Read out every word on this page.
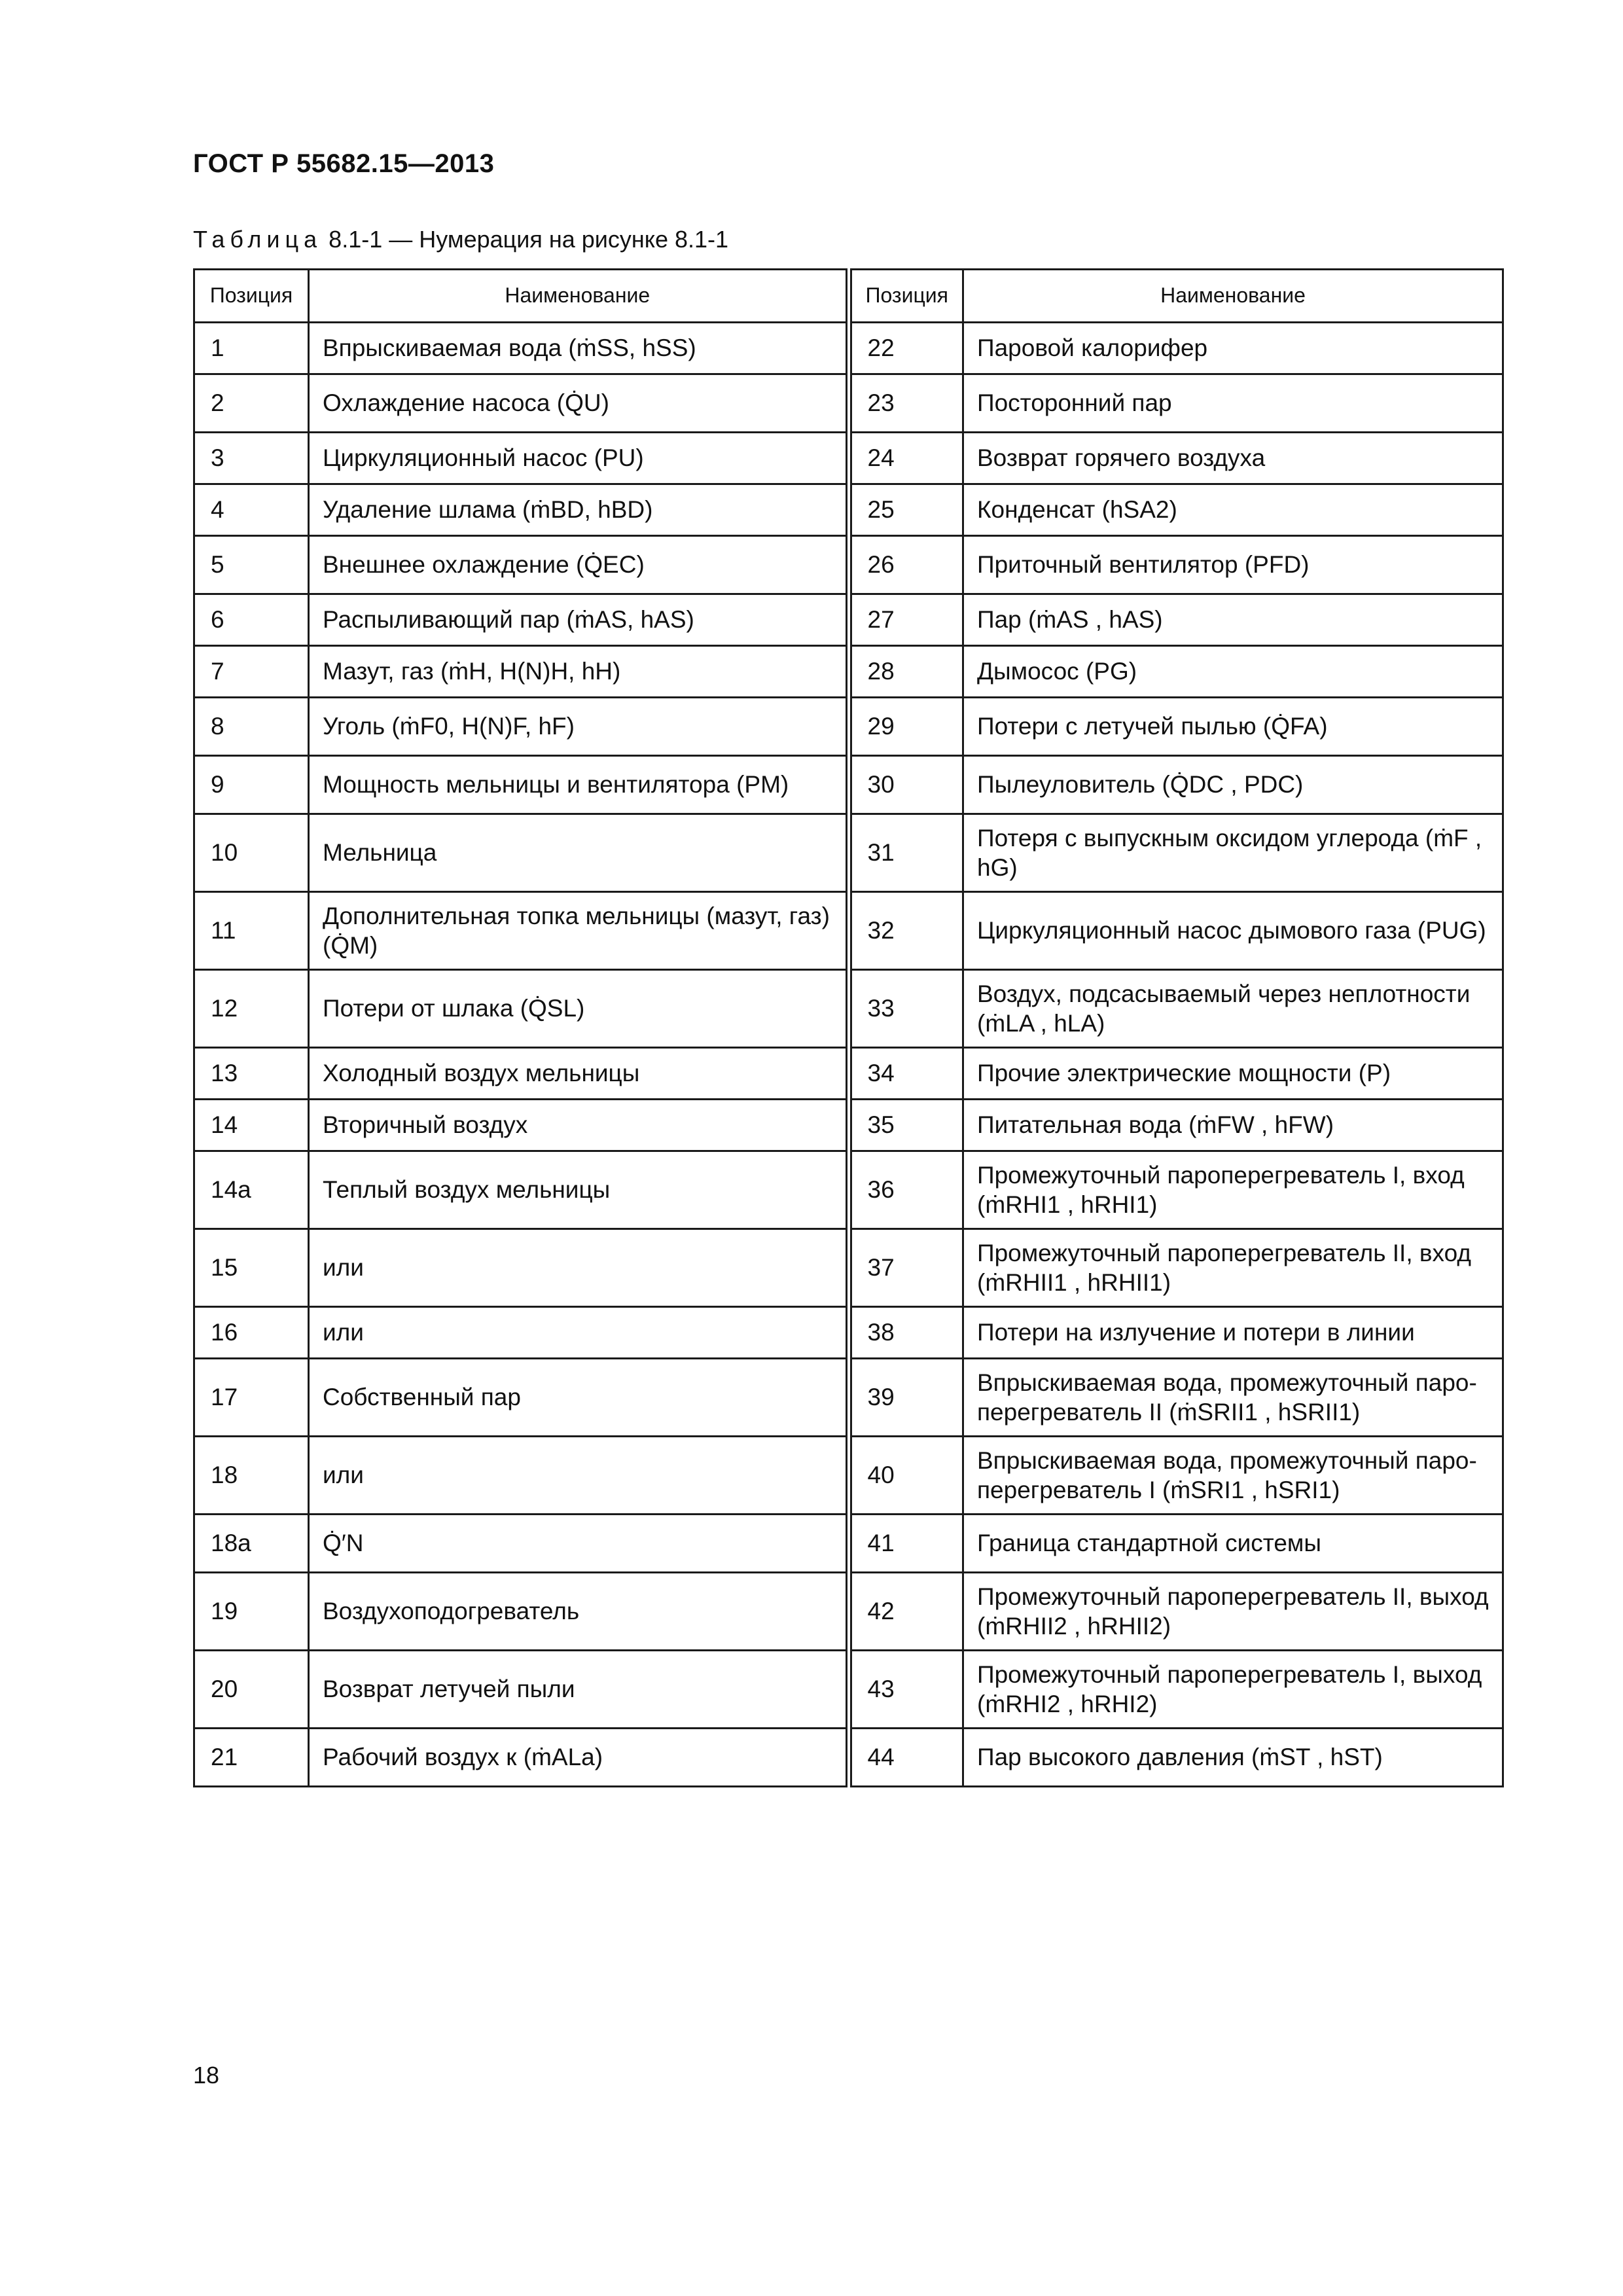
ГОСТ Р 55682.15—2013
Таблица 8.1-1 — Нумерация на рисунке 8.1-1
Позиция	Наименование	Позиция	Наименование
1	Впрыскиваемая вода (ṁSS, hSS)	22	Паровой калорифер
2	Охлаждение насоса (Q̇U)	23	Посторонний пар
3	Циркуляционный насос (PU)	24	Возврат горячего воздуха
4	Удаление шлама (ṁBD, hBD)	25	Конденсат (hSA2)
5	Внешнее охлаждение (Q̇EC)	26	Приточный вентилятор (PFD)
6	Распыливающий пар (ṁAS, hAS)	27	Пар (ṁAS , hAS)
7	Мазут, газ (ṁH, H(N)H, hH)	28	Дымосос (PG)
8	Уголь (ṁF0, H(N)F, hF)	29	Потери с летучей пылью (Q̇FA)
9	Мощность мельницы и вентилятора (PM)	30	Пылеуловитель (Q̇DC , PDC)
10	Мельница	31	Потеря с выпускным оксидом углерода (ṁF , hG)
11	Дополнительная топка мельницы (мазут, газ) (Q̇M)	32	Циркуляционный насос дымового газа (PUG)
12	Потери от шлака (Q̇SL)	33	Воздух, подсасываемый через неплотности (ṁLA , hLA)
13	Холодный воздух мельницы	34	Прочие электрические мощности (P)
14	Вторичный воздух	35	Питательная вода (ṁFW , hFW)
14а	Теплый воздух мельницы	36	Промежуточный пароперегреватель I, вход (ṁRHI1 , hRHI1)
15	или	37	Промежуточный пароперегреватель II, вход (ṁRHII1 , hRHII1)
16	или	38	Потери на излучение и потери в линии
17	Собственный пар	39	Впрыскиваемая вода, промежуточный паро- перегреватель II (ṁSRII1 , hSRII1)
18	или	40	Впрыскиваемая вода, промежуточный паро- перегреватель I (ṁSRI1 , hSRI1)
18а	Q̇′N	41	Граница стандартной системы
19	Воздухоподогреватель	42	Промежуточный пароперегреватель II, выход (ṁRHII2 , hRHII2)
20	Возврат летучей пыли	43	Промежуточный пароперегреватель I, выход (ṁRHI2 , hRHI2)
21	Рабочий воздух к (ṁALa)	44	Пар высокого давления (ṁST , hST)
18
